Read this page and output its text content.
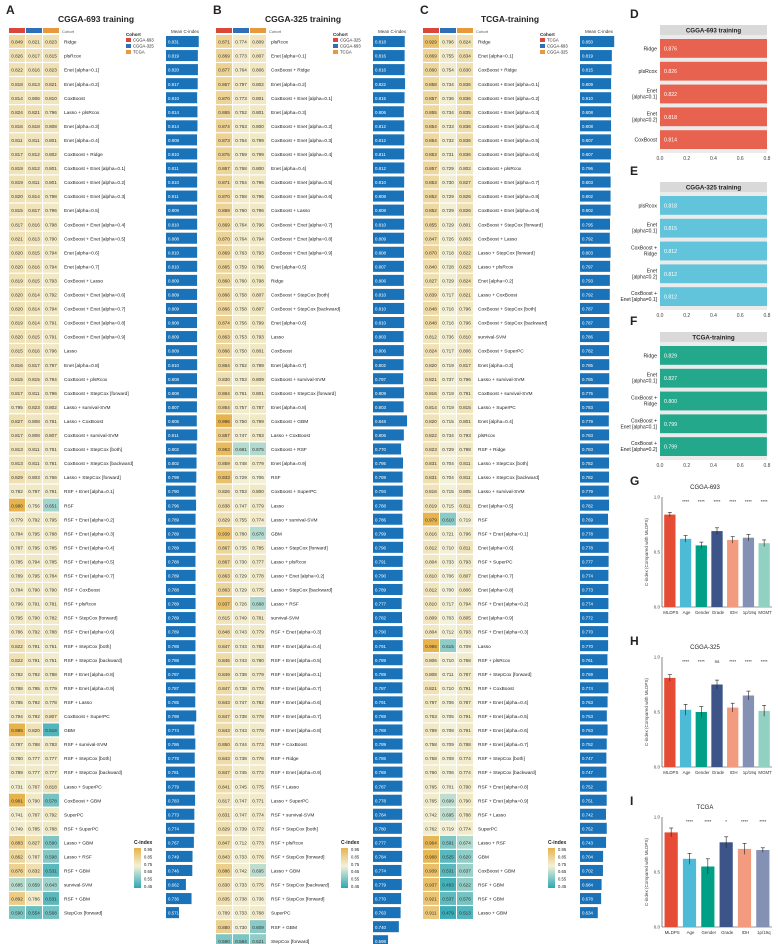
A
CGGA-693 training
Cohort	Mean C-index
Cohort
CGGA-693
CGGA-325
TCGA
0.849 0.821 0.823 Ridge	0.831
0.826 0.817 0.815 plsRcox	0.819
0.822 0.816 0.823 Enet [alpha=0.1]	0.820
0.818 0.813 0.821 Enet [alpha=0.2]	0.817
0.814 0.806 0.810 CoxBoost	0.810
0.824 0.821 0.796 Lasso + plsRcox	0.814
0.816 0.818 0.808 Enet [alpha=0.3]	0.814
0.811 0.811 0.801 Enet [alpha=0.4]	0.808
0.817 0.812 0.802 CoxBoost + Ridge	0.810
0.819 0.812 0.801 CoxBoost + Enet [alpha=0.1]	0.811
0.819 0.811 0.801 CoxBoost + Enet [alpha=0.2]	0.810
0.820 0.814 0.798 CoxBoost + Enet [alpha=0.3]	0.811
0.815 0.817 0.796 Enet [alpha=0.5]	0.809
0.817 0.816 0.798 CoxBoost + Enet [alpha=0.4]	0.810
0.821 0.813 0.790 CoxBoost + Enet [alpha=0.5]	0.808
0.820 0.815 0.794 Enet [alpha=0.6]	0.810
0.820 0.816 0.794 Enet [alpha=0.7]	0.810
0.819 0.815 0.793 CoxBoost + Lasso	0.809
0.820 0.814 0.792 CoxBoost + Enet [alpha=0.6]	0.809
0.820 0.814 0.794 CoxBoost + Enet [alpha=0.7]	0.809
0.819 0.814 0.791 CoxBoost + Enet [alpha=0.8]	0.808
0.820 0.815 0.791 CoxBoost + Enet [alpha=0.9]	0.809
0.815 0.816 0.796 Lasso	0.809
0.816 0.817 0.797 Enet [alpha=0.8]	0.810
0.815 0.815 0.794 CoxBoost + plsRcox	0.808
0.817 0.811 0.796 CoxBoost + StepCox [forward]	0.808
0.795 0.823 0.802 Lasso + survival-SVM	0.807
0.827 0.808 0.781 Lasso + CoxBoost	0.805
0.817 0.808 0.807 CoxBoost + survival-SVM	0.811
0.813 0.811 0.781 CoxBoost + StepCox [both]	0.802
0.813 0.811 0.781 CoxBoost + StepCox [backward]	0.802
0.829 0.803 0.766 Lasso + StepCox [forward]	0.799
0.782 0.797 0.791 RSF + Enet [alpha=0.1]	0.790
0.980 0.756 0.651 RSF	0.796
0.779 0.792 0.795 RSF + Enet [alpha=0.2]	0.789
0.784 0.795 0.788 RSF + Enet [alpha=0.3]	0.789
0.787 0.795 0.785 RSF + Enet [alpha=0.4]	0.789
0.785 0.794 0.785 RSF + Enet [alpha=0.5]	0.788
0.789 0.795 0.784 RSF + Enet [alpha=0.7]	0.789
0.784 0.790 0.790 RSF + CoxBoost	0.788
0.796 0.791 0.781 RSF + plsRcox	0.789
0.795 0.790 0.782 RSF + StepCox [forward]	0.789
0.786 0.792 0.788 RSF + Enet [alpha=0.6]	0.789
0.822 0.791 0.751 RSF + StepCox [both]	0.788
0.822 0.791 0.751 RSF + StepCox [backward]	0.788
0.782 0.792 0.788 RSF + Enet [alpha=0.8]	0.787
0.788 0.795 0.779 RSF + Enet [alpha=0.9]	0.787
0.785 0.792 0.778 RSF + Lasso	0.785
0.794 0.792 0.807 CoxBoost + SuperPC	0.798
0.985 0.820 0.518 GBM	0.774
0.787 0.788 0.783 RSF + survival-SVM	0.786
0.780 0.777 0.777 RSF + StepCox [both]	0.778
0.789 0.777 0.777 RSF + StepCox [backward]	0.781
0.731 0.787 0.818 Lasso + SuperPC	0.779
0.981 0.790 0.578 CoxBoost + GBM	0.783
0.741 0.787 0.792 SuperPC	0.773
0.749 0.785 0.788 RSF + SuperPC	0.774
0.883 0.827 0.590 Lasso + GBM	0.767
0.862 0.787 0.598 Lasso + RSF	0.749
0.876 0.832 0.531 RSF + GBM	0.746
0.685 0.659 0.643 survival-SVM	0.662
0.892 0.786 0.531 RSF + GBM	0.736
0.590 0.554 0.568 StepCox [forward]	0.571
C-index
0.95
0.85
0.75
0.65
0.55
0.45
B
CGGA-325 training
Cohort	Mean C-index
Cohort
CGGA-325
CGGA-693
TCGA
0.871 0.774 0.809 plsRcox	0.818
0.869 0.773 0.807 Enet [alpha=0.1]	0.816
0.877 0.764 0.806 CoxBoost + Ridge	0.816
0.867 0.797 0.802 Enet [alpha=0.2]	0.822
0.870 0.773 0.801 CoxBoost + Enet [alpha=0.1]	0.815
0.865 0.752 0.801 Enet [alpha=0.3]	0.806
0.874 0.763 0.800 CoxBoost + Enet [alpha=0.2]	0.812
0.873 0.764 0.799 CoxBoost + Enet [alpha=0.3]	0.812
0.875 0.759 0.799 CoxBoost + Enet [alpha=0.4]	0.811
0.867 0.768 0.800 Enet [alpha=0.4]	0.812
0.871 0.764 0.796 CoxBoost + Enet [alpha=0.5]	0.810
0.870 0.758 0.796 CoxBoost + Enet [alpha=0.6]	0.808
0.869 0.760 0.796 CoxBoost + Lasso	0.808
0.869 0.764 0.796 CoxBoost + Enet [alpha=0.7]	0.810
0.870 0.764 0.794 CoxBoost + Enet [alpha=0.8]	0.809
0.869 0.763 0.793 CoxBoost + Enet [alpha=0.9]	0.808
0.865 0.759 0.796 Enet [alpha=0.5]	0.807
0.860 0.760 0.798 Ridge	0.806
0.866 0.758 0.807 CoxBoost + StepCox [both]	0.810
0.866 0.758 0.807 CoxBoost + StepCox [backward]	0.810
0.874 0.756 0.799 Enet [alpha=0.6]	0.810
0.863 0.753 0.793 Lasso	0.803
0.866 0.750 0.801 CoxBoost	0.806
0.864 0.752 0.789 Enet [alpha=0.7]	0.802
0.830 0.753 0.809 CoxBoost + survival-SVM	0.797
0.864 0.761 0.801 CoxBoost + StepCox [forward]	0.809
0.864 0.757 0.787 Enet [alpha=0.8]	0.803
0.996 0.750 0.799 CoxBoost + GBM	0.848
0.887 0.747 0.783 Lasso + CoxBoost	0.806
0.953 0.681 0.675 CoxBoost + RSF	0.770
0.859 0.748 0.779 Enet [alpha=0.9]	0.795
0.933 0.729 0.706 RSF	0.789
0.826 0.753 0.800 CoxBoost + SuperPC	0.793
0.838 0.747 0.779 Lasso	0.788
0.829 0.755 0.774 Lasso + survival-SVM	0.786
0.939 0.780 0.678 GBM	0.799
0.867 0.735 0.785 Lasso + StepCox [forward]	0.796
0.867 0.730 0.777 Lasso + plsRcox	0.791
0.863 0.729 0.778 Lasso + Enet [alpha=0.2]	0.790
0.863 0.729 0.775 Lasso + StepCox [backward]	0.789
0.937 0.726 0.668 Lasso + RSF	0.777
0.815 0.749 0.781 survival-SVM	0.782
0.848 0.743 0.779 RSF + Enet [alpha=0.3]	0.790
0.847 0.743 0.783 RSF + Enet [alpha=0.4]	0.791
0.845 0.743 0.780 RSF + Enet [alpha=0.5]	0.789
0.849 0.738 0.779 RSF + Enet [alpha=0.1]	0.789
0.847 0.738 0.776 RSF + Enet [alpha=0.7]	0.787
0.843 0.747 0.782 RSF + Enet [alpha=0.6]	0.791
0.847 0.738 0.778 RSF + Enet [alpha=0.7]	0.788
0.843 0.743 0.778 RSF + Enet [alpha=0.8]	0.788
0.850 0.744 0.773 RSF + CoxBoost	0.789
0.843 0.738 0.776 RSF + Ridge	0.786
0.847 0.745 0.772 RSF + Enet [alpha=0.9]	0.788
0.841 0.745 0.775 RSF + Lasso	0.787
0.817 0.747 0.771 Lasso + SuperPC	0.778
0.831 0.747 0.774 RSF + survival-SVM	0.784
0.829 0.739 0.772 RSF + StepCox [both]	0.780
0.847 0.712 0.773 RSF + plsRcox	0.777
0.843 0.733 0.776 RSF + StepCox [forward]	0.784
0.886 0.742 0.695 Lasso + GBM	0.774
0.830 0.733 0.775 RSF + StepCox [backward]	0.779
0.835 0.738 0.736 RSF + StepCox [forward]	0.770
0.789 0.733 0.768 SuperPC	0.763
0.880 0.730 0.609 RSF + GBM	0.740
0.590 0.584 0.621 StepCox [forward]	0.598
C-index
0.95
0.85
0.75
0.65
0.55
0.45
C
TCGA-training
Cohort	Mean C-index
Cohort
TCGA
CGGA-693
CGGA-325
0.929 0.796 0.824 Ridge	0.850
0.869 0.755 0.834 Enet [alpha=0.1]	0.819
0.860 0.754 0.830 CoxBoost + Ridge	0.815
0.858 0.734 0.836 CoxBoost + Enet [alpha=0.1]	0.809
0.857 0.736 0.836 CoxBoost + Enet [alpha=0.2]	0.810
0.855 0.734 0.835 CoxBoost + Enet [alpha=0.3]	0.808
0.854 0.733 0.836 CoxBoost + Enet [alpha=0.4]	0.808
0.854 0.732 0.836 CoxBoost + Enet [alpha=0.5]	0.807
0.853 0.731 0.836 CoxBoost + Enet [alpha=0.6]	0.807
0.857 0.729 0.802 CoxBoost + plsRcox	0.796
0.853 0.730 0.827 CoxBoost + Enet [alpha=0.7]	0.803
0.852 0.729 0.826 CoxBoost + Enet [alpha=0.8]	0.802
0.852 0.729 0.826 CoxBoost + Enet [alpha=0.9]	0.802
0.855 0.729 0.801 CoxBoost + StepCox [forward]	0.795
0.847 0.726 0.803 CoxBoost + Lasso	0.792
0.870 0.718 0.822 Lasso + StepCox [forward]	0.803
0.840 0.728 0.823 Lasso + plsRcox	0.797
0.827 0.729 0.824 Enet [alpha=0.2]	0.793
0.839 0.717 0.821 Lasso + CoxBoost	0.792
0.848 0.716 0.796 CoxBoost + StepCox [both]	0.787
0.848 0.716 0.796 CoxBoost + StepCox [backward]	0.787
0.812 0.736 0.810 survival-SVM	0.786
0.824 0.717 0.806 CoxBoost + SuperPC	0.782
0.820 0.719 0.817 Enet [alpha=0.3]	0.785
0.821 0.737 0.796 Lasso + survival-SVM	0.785
0.816 0.719 0.791 CoxBoost + survival-SVM	0.775
0.814 0.719 0.815 Lasso + SuperPC	0.783
0.820 0.715 0.801 Enet [alpha=0.4]	0.779
0.822 0.734 0.793 plsRcox	0.783
0.823 0.729 0.798 RSF + Ridge	0.783
0.831 0.704 0.811 Lasso + StepCox [both]	0.782
0.831 0.704 0.811 Lasso + StepCox [backward]	0.782
0.816 0.715 0.805 Lasso + survival-SVM	0.779
0.819 0.715 0.811 Enet [alpha=0.5]	0.782
0.979 0.610 0.719 RSF	0.769
0.816 0.721 0.796 RSF + Enet [alpha=0.1]	0.778
0.812 0.710 0.811 Enet [alpha=0.6]	0.778
0.804 0.733 0.793 RSF + SuperPC	0.777
0.810 0.706 0.807 Enet [alpha=0.7]	0.774
0.812 0.700 0.806 Enet [alpha=0.8]	0.773
0.810 0.717 0.794 RSF + Enet [alpha=0.2]	0.774
0.809 0.703 0.805 Enet [alpha=0.9]	0.772
0.804 0.712 0.793 RSF + Enet [alpha=0.3]	0.770
0.986 0.615 0.709 Lasso	0.770
0.806 0.710 0.768 RSF + plsRcox	0.761
0.808 0.711 0.787 RSF + StepCox [forward]	0.769
0.821 0.710 0.791 RSF + CoxBoost	0.774
0.797 0.706 0.787 RSF + Enet [alpha=0.4]	0.763
0.763 0.705 0.791 RSF + Enet [alpha=0.5]	0.753
0.789 0.708 0.791 RSF + Enet [alpha=0.6]	0.763
0.758 0.709 0.788 RSF + Enet [alpha=0.7]	0.752
0.758 0.709 0.774 RSF + StepCox [both]	0.747
0.760 0.706 0.774 RSF + StepCox [backward]	0.747
0.765 0.701 0.790 RSF + Enet [alpha=0.8]	0.752
0.765 0.699 0.790 RSF + Enet [alpha=0.9]	0.751
0.742 0.695 0.788 RSF + Lasso	0.742
0.762 0.719 0.774 SuperPC	0.752
0.964 0.591 0.674 Lasso + RSF	0.743
0.968 0.525 0.620 GBM	0.704
0.939 0.531 0.637 CoxBoost + GBM	0.702
0.937 0.493 0.622 RSF + GBM	0.684
0.921 0.537 0.576 RSF + GBM	0.678
0.911 0.479 0.513 Lasso + GBM	0.634
C-index
0.95
0.85
0.75
0.65
0.55
0.45
D
CGGA-693 training
0.876
Ridge
0.826
plsRcox
0.822
Enet
[alpha=0.1]
0.818
Enet
[alpha=0.2]
0.814
CoxBoost
0.0	0.2	0.4	0.6	0.8
E
CGGA-325 training
0.818
plsRcox
0.815
Enet
[alpha=0.1]
0.812
CoxBoost +
Ridge
0.812
Enet
[alpha=0.2]
0.812
CoxBoost +
Enet [alpha=0.1]
0.0	0.2	0.4	0.6	0.8
F
TCGA-training
0.829
Ridge
0.827
Enet
[alpha=0.1]
0.800
CoxBoost +
Ridge
0.799
CoxBoost +
Enet [alpha=0.1]
0.799
CoxBoost +
Enet [alpha=0.2]
0.0	0.2	0.4	0.6	0.8
G	CGGA-693
C-index (Compared with MLDPS)
0.0
0.5
1.0
MLDPS
****
Age
****
Gender
****
Grade
****
IDH
****
1p/19q
****
MGMT
H	CGGA-325
C-index (Compared with MLDPS)
0.0
0.5
1.0
MLDPS
****
Age
****
Gender
ns
Grade
****
IDH
****
1p/19q
****
MGMT
I	TCGA
C-index (Compared with MLDPS)
0.0
0.5
1.0
MLDPS
****
Age
****
Gender
*
Grade
****
IDH
****
1p/19q
